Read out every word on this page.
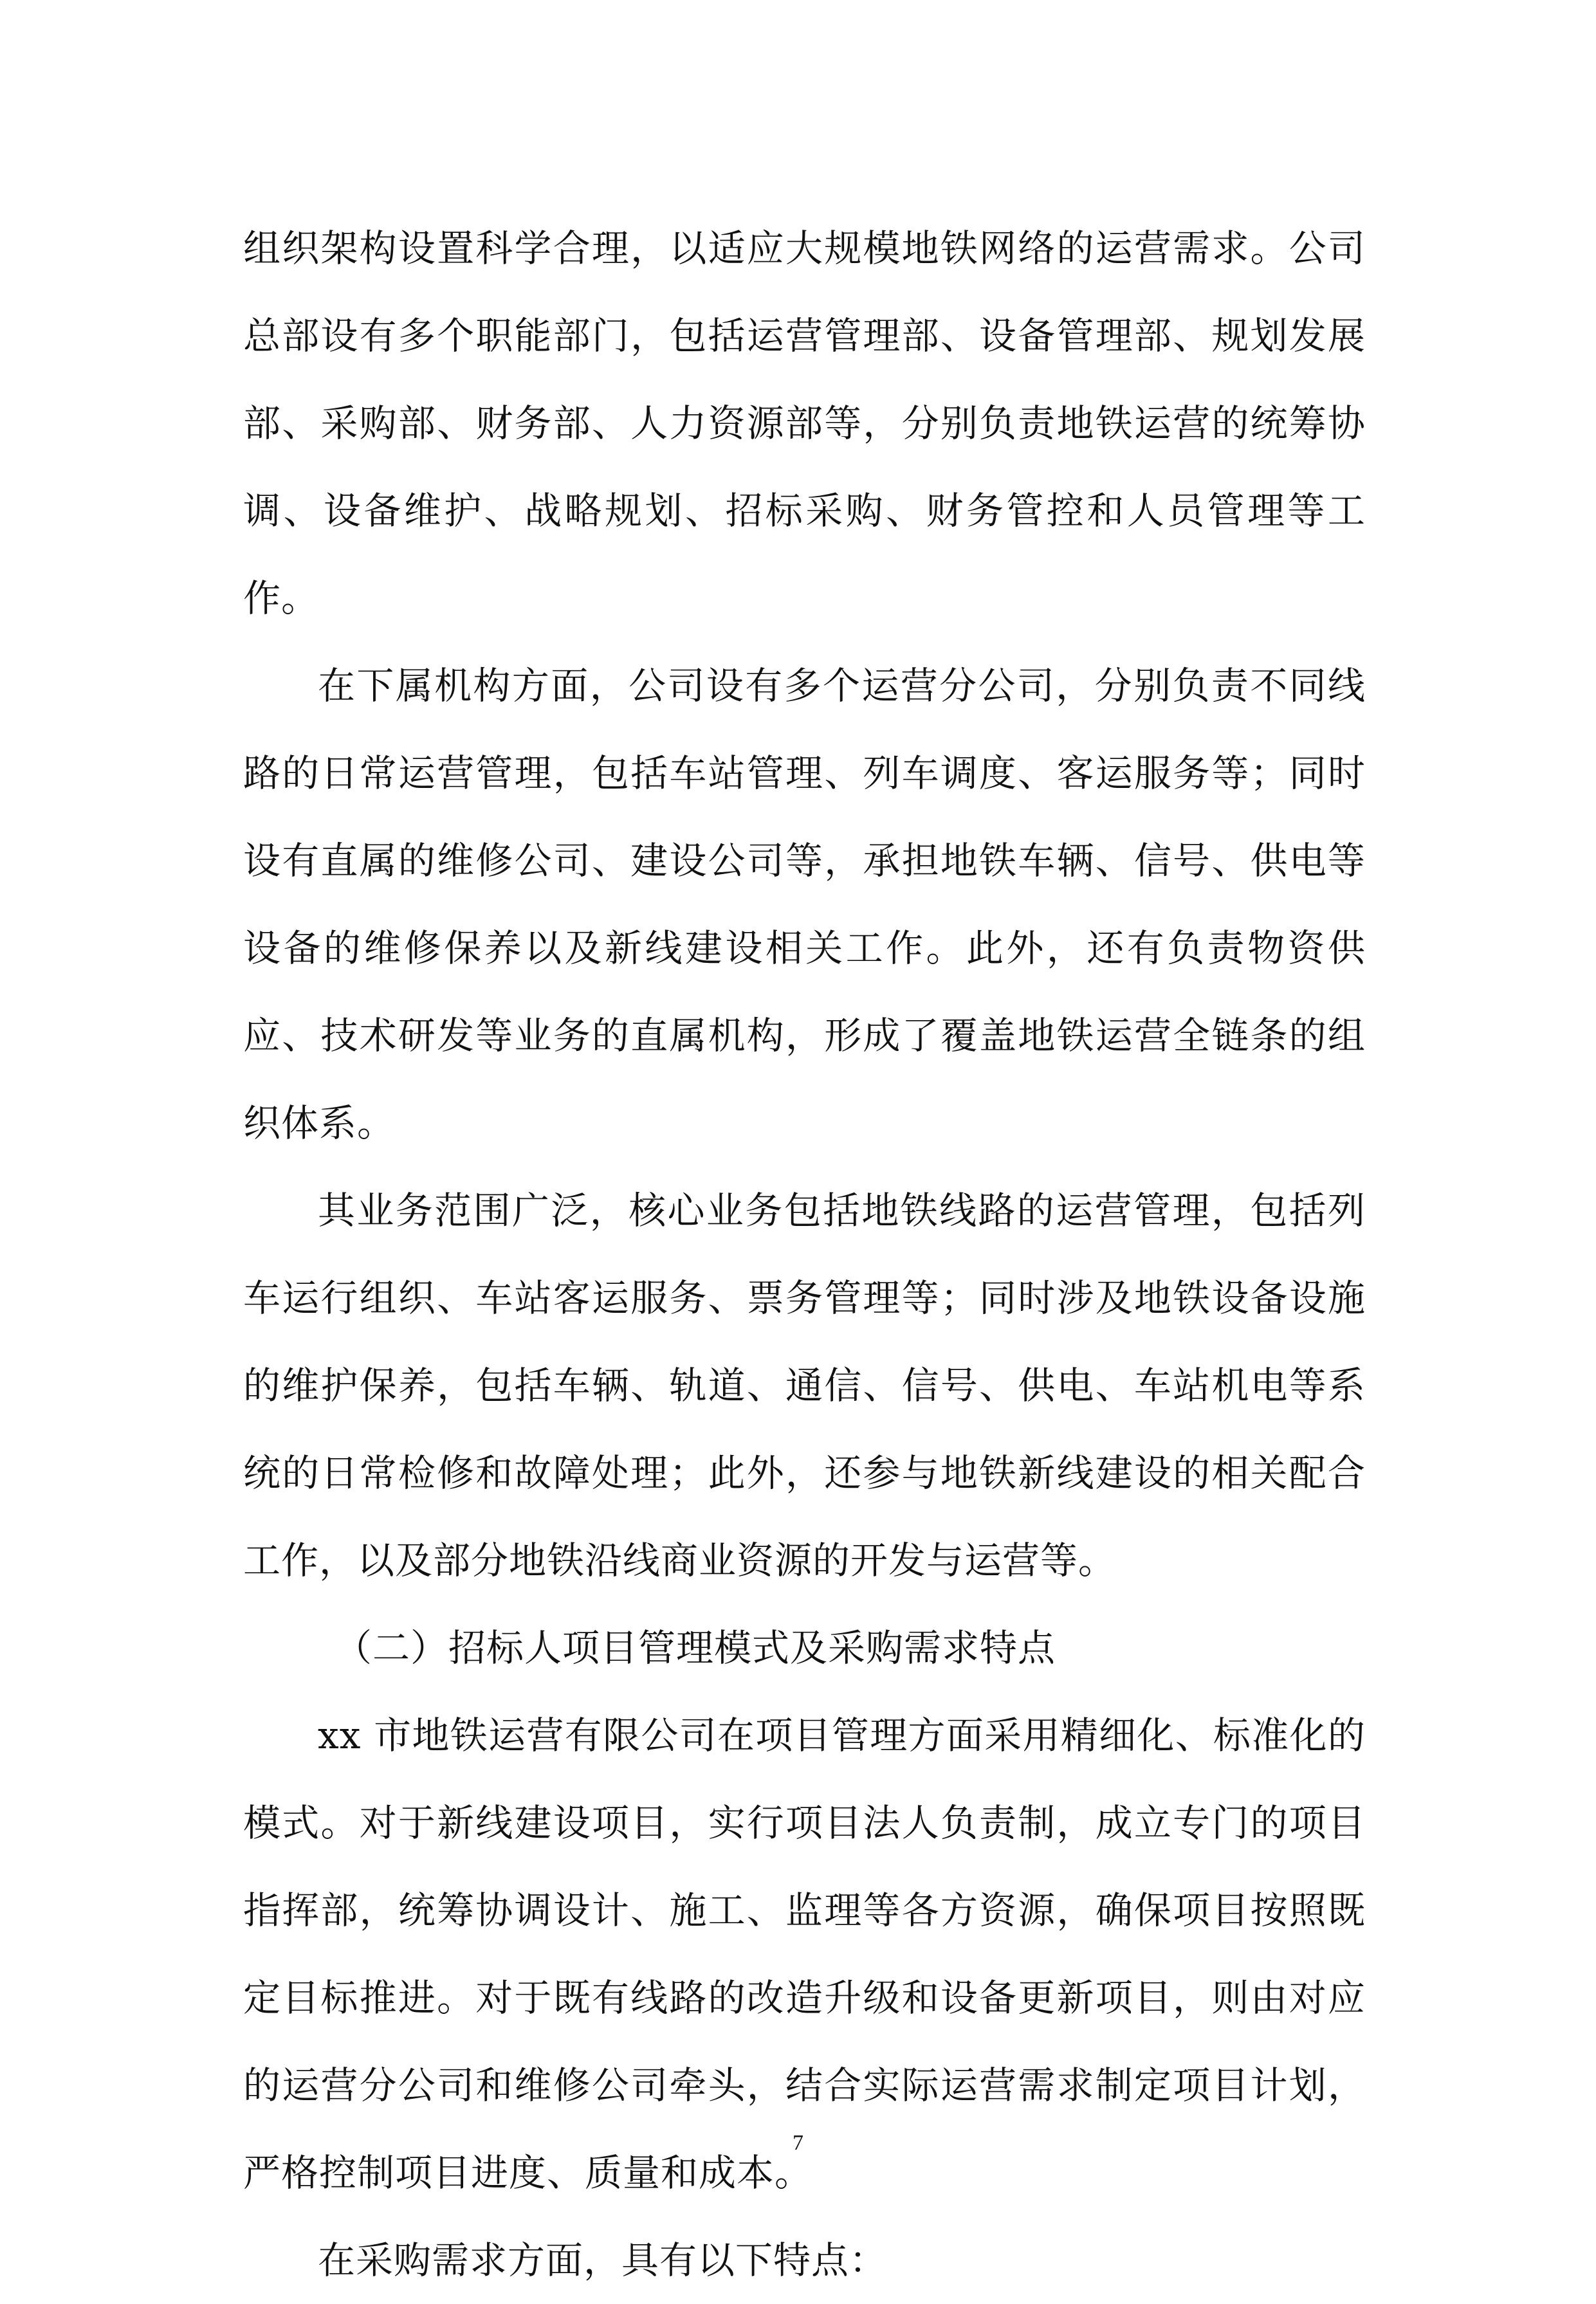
组织架构设置科学合理，以适应大规模地铁网络的运营需求。公司总部设有多个职能部门，包括运营管理部、设备管理部、规划发展部、采购部、财务部、人力资源部等，分别负责地铁运营的统筹协调、设备维护、战略规划、招标采购、财务管控和人员管理等工作。

在下属机构方面，公司设有多个运营分公司，分别负责不同线路的日常运营管理，包括车站管理、列车调度、客运服务等；同时设有直属的维修公司、建设公司等，承担地铁车辆、信号、供电等设备的维修保养以及新线建设相关工作。此外，还有负责物资供应、技术研发等业务的直属机构，形成了覆盖地铁运营全链条的组织体系。

其业务范围广泛，核心业务包括地铁线路的运营管理，包括列车运行组织、车站客运服务、票务管理等；同时涉及地铁设备设施的维护保养，包括车辆、轨道、通信、信号、供电、车站机电等系统的日常检修和故障处理；此外，还参与地铁新线建设的相关配合工作，以及部分地铁沿线商业资源的开发与运营等。

（二）招标人项目管理模式及采购需求特点

xx 市地铁运营有限公司在项目管理方面采用精细化、标准化的模式。对于新线建设项目，实行项目法人负责制，成立专门的项目指挥部，统筹协调设计、施工、监理等各方资源，确保项目按照既定目标推进。对于既有线路的改造升级和设备更新项目，则由对应的运营分公司和维修公司牵头，结合实际运营需求制定项目计划，严格控制项目进度、质量和成本。

在采购需求方面，具有以下特点：

7
